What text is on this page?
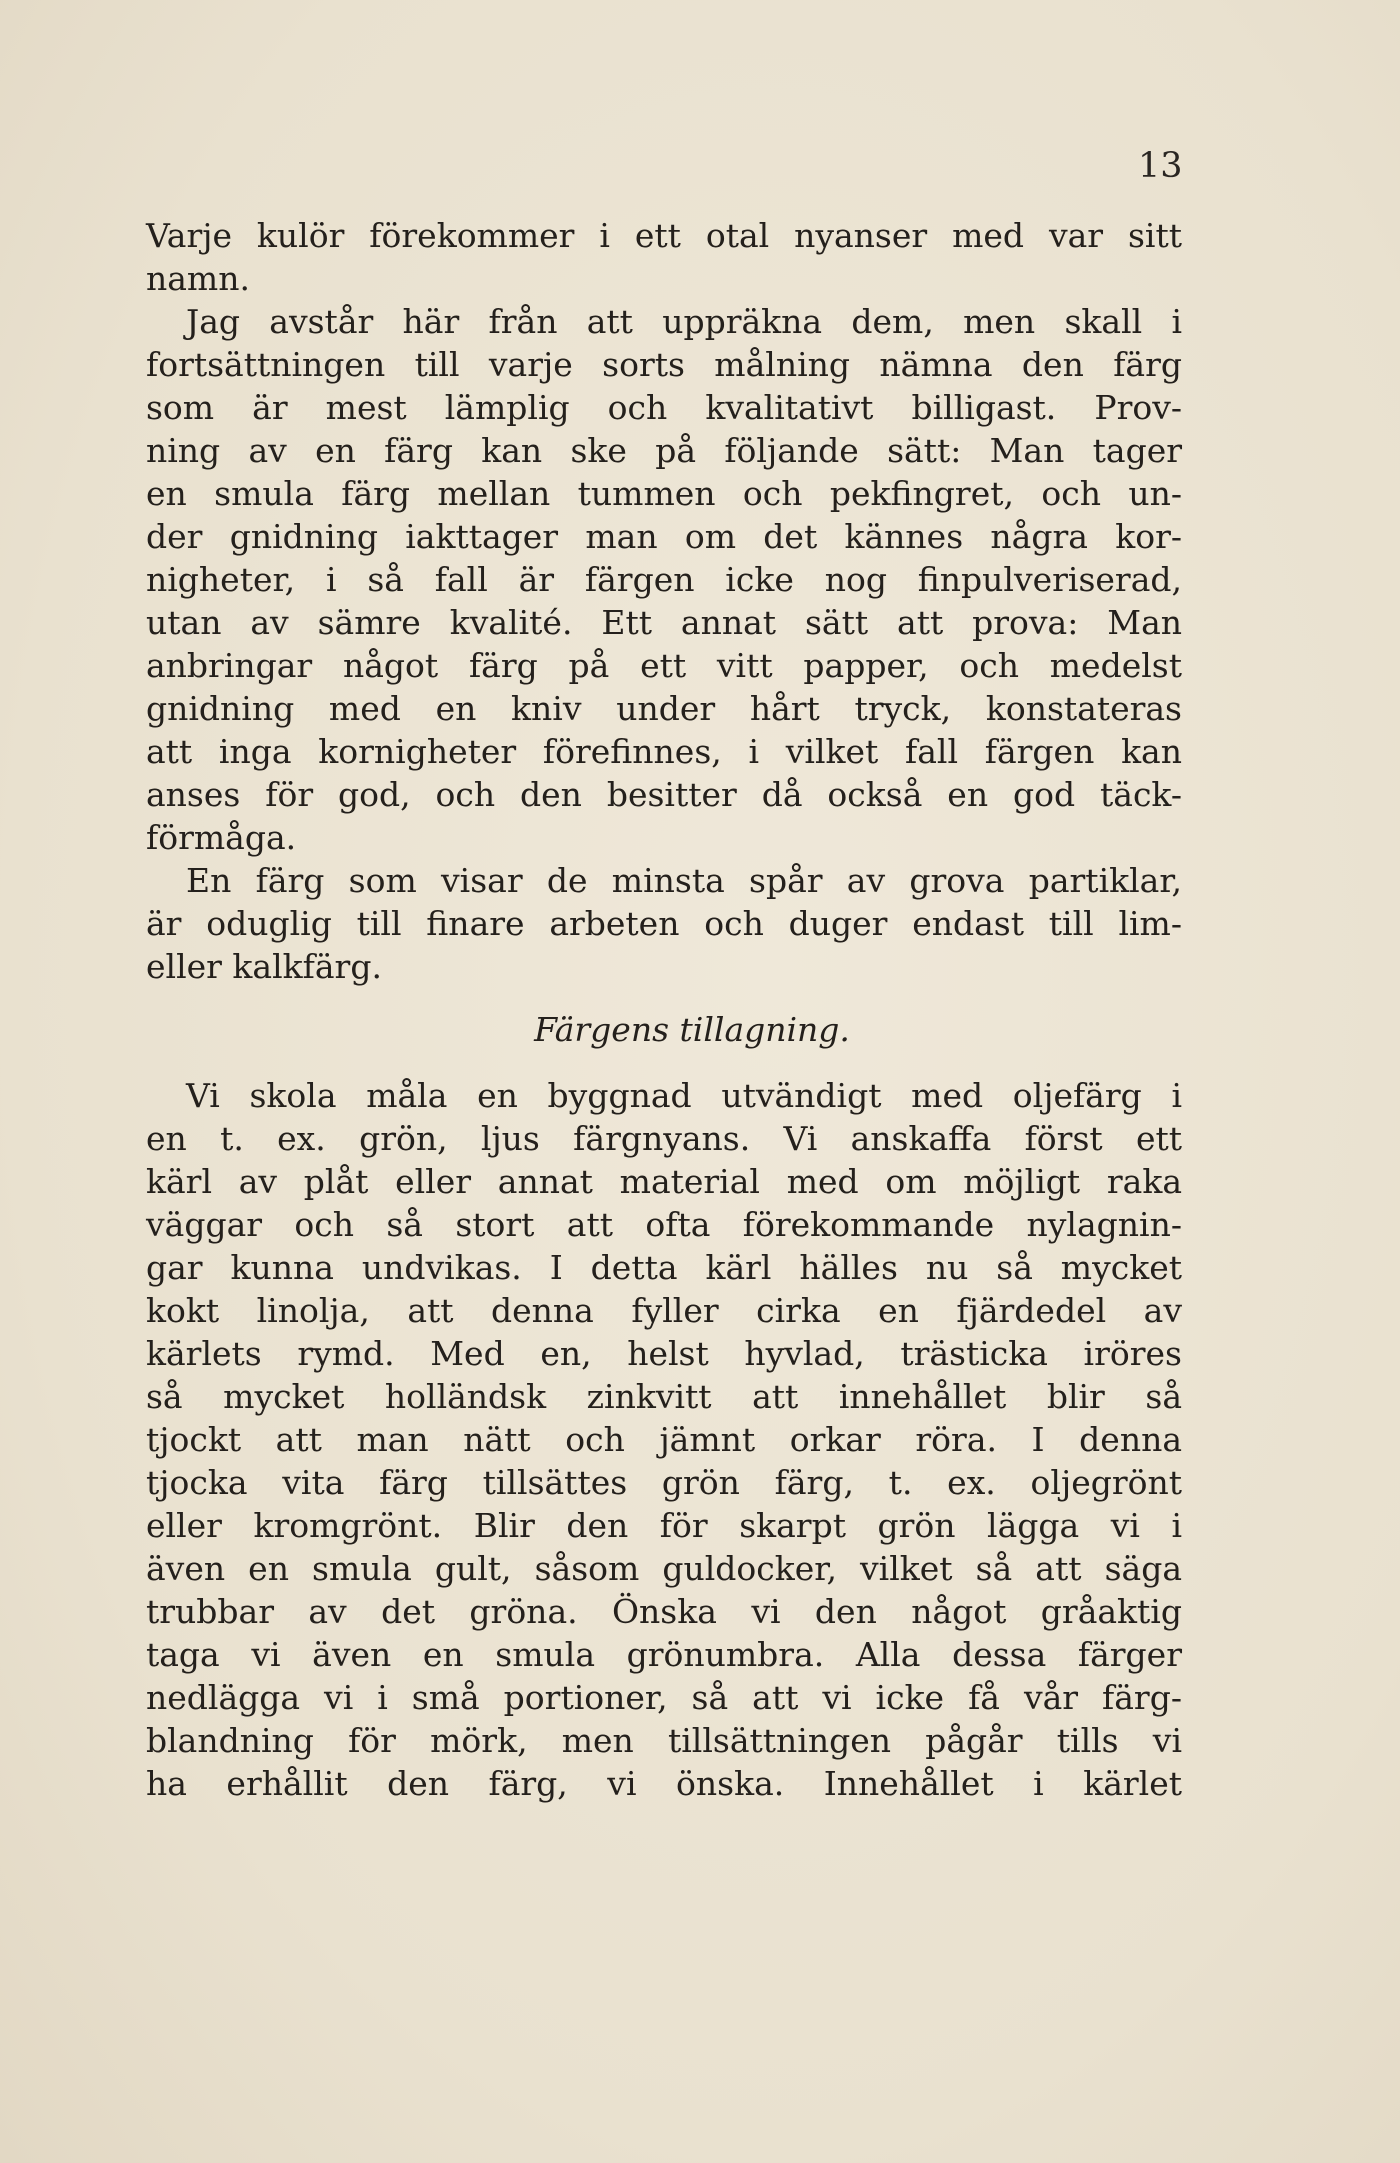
13
Varje kulör förekommer i ett otal nyanser med var sitt
namn.
Jag avstår här från att uppräkna dem, men skall i
fortsättningen till varje sorts målning nämna den färg
som är mest lämplig och kvalitativt billigast. Prov-
ning av en färg kan ske på följande sätt: Man tager
en smula färg mellan tummen och pekfingret, och un-
der gnidning iakttager man om det kännes några kor-
nigheter, i så fall är färgen icke nog finpulveriserad,
utan av sämre kvalité. Ett annat sätt att prova: Man
anbringar något färg på ett vitt papper, och medelst
gnidning med en kniv under hårt tryck, konstateras
att inga kornigheter förefinnes, i vilket fall färgen kan
anses för god, och den besitter då också en god täck-
förmåga.
En färg som visar de minsta spår av grova partiklar,
är oduglig till finare arbeten och duger endast till lim-
eller kalkfärg.
Färgens tillagning.
Vi skola måla en byggnad utvändigt med oljefärg i
en t. ex. grön, ljus färgnyans. Vi anskaffa först ett
kärl av plåt eller annat material med om möjligt raka
väggar och så stort att ofta förekommande nylagnin-
gar kunna undvikas. I detta kärl hälles nu så mycket
kokt linolja, att denna fyller cirka en fjärdedel av
kärlets rymd. Med en, helst hyvlad, trästicka iröres
så mycket holländsk zinkvitt att innehållet blir så
tjockt att man nätt och jämnt orkar röra. I denna
tjocka vita färg tillsättes grön färg, t. ex. oljegrönt
eller kromgrönt. Blir den för skarpt grön lägga vi i
även en smula gult, såsom guldocker, vilket så att säga
trubbar av det gröna. Önska vi den något gråaktig
taga vi även en smula grönumbra. Alla dessa färger
nedlägga vi i små portioner, så att vi icke få vår färg-
blandning för mörk, men tillsättningen pågår tills vi
ha erhållit den färg, vi önska. Innehållet i kärlet
